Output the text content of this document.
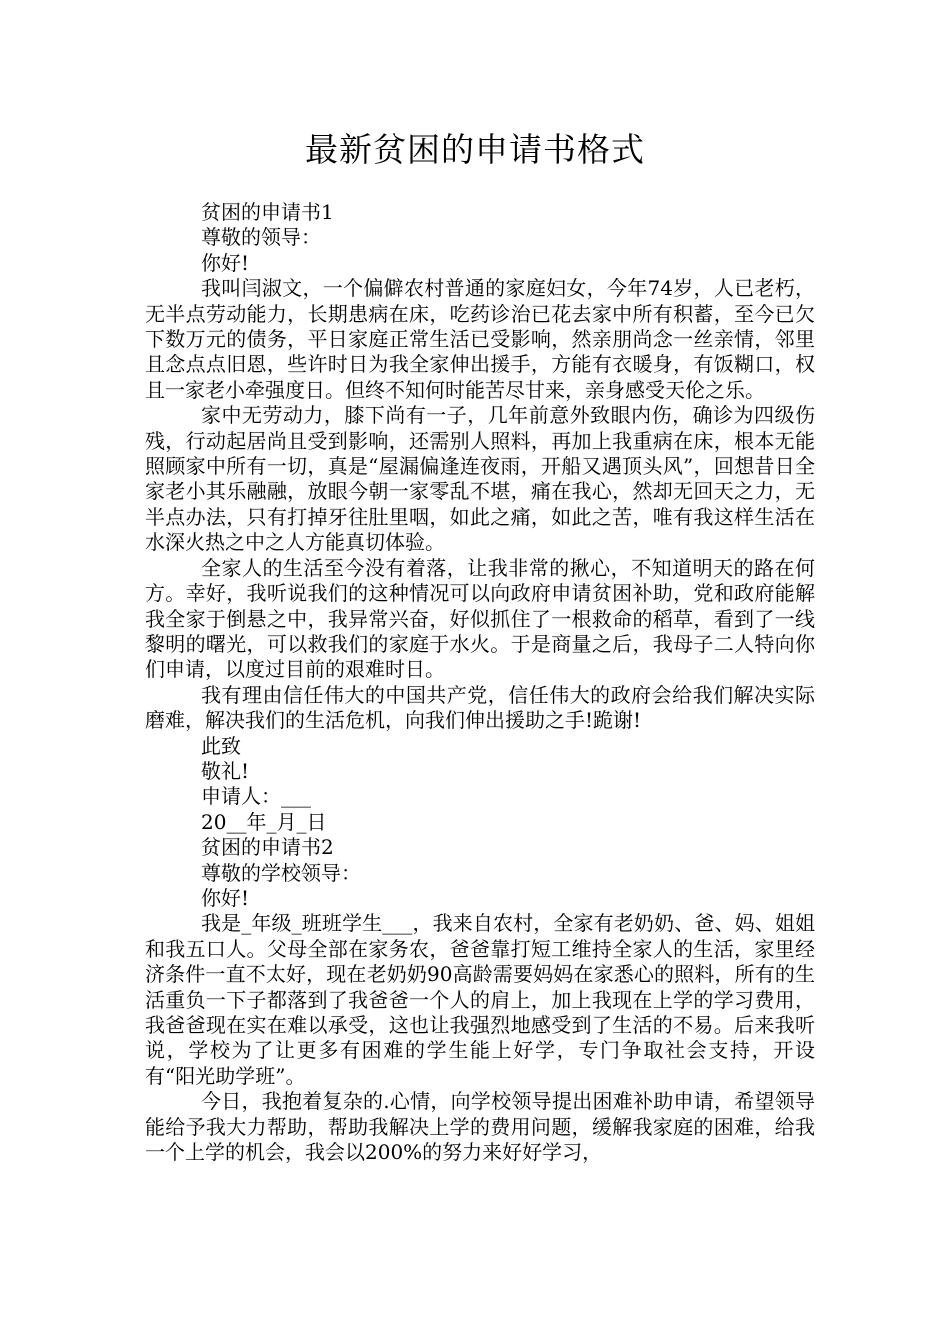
最新贫困的申请书格式

贫困的申请书1

尊敬的领导：

你好!

我叫闫淑文，一个偏僻农村普通的家庭妇女，今年74岁，人已老朽，无半点劳动能力，长期患病在床，吃药诊治已花去家中所有积蓄，至今已欠下数万元的债务，平日家庭正常生活已受影响，然亲朋尚念一丝亲情，邻里且念点点旧恩，些许时日为我全家伸出援手，方能有衣暖身，有饭糊口，权且一家老小牵强度日。但终不知何时能苦尽甘来，亲身感受天伦之乐。

家中无劳动力，膝下尚有一子，几年前意外致眼内伤，确诊为四级伤残，行动起居尚且受到影响，还需别人照料，再加上我重病在床，根本无能照顾家中所有一切，真是“屋漏偏逢连夜雨，开船又遇顶头风”，回想昔日全家老小其乐融融，放眼今朝一家零乱不堪，痛在我心，然却无回天之力，无半点办法，只有打掉牙往肚里咽，如此之痛，如此之苦，唯有我这样生活在水深火热之中之人方能真切体验。

全家人的生活至今没有着落，让我非常的揪心，不知道明天的路在何方。幸好，我听说我们的这种情况可以向政府申请贫困补助，党和政府能解我全家于倒悬之中，我异常兴奋，好似抓住了一根救命的稻草，看到了一线黎明的曙光，可以救我们的家庭于水火。于是商量之后，我母子二人特向你们申请，以度过目前的艰难时日。

我有理由信任伟大的中国共产党，信任伟大的政府会给我们解决实际磨难，解决我们的生活危机，向我们伸出援助之手!跪谢!

此致

敬礼!

申请人：___

20__年_月_日

贫困的申请书2

尊敬的学校领导：

你好!

我是_年级_班班学生___，我来自农村，全家有老奶奶、爸、妈、姐姐和我五口人。父母全部在家务农，爸爸靠打短工维持全家人的生活，家里经济条件一直不太好，现在老奶奶90高龄需要妈妈在家悉心的照料，所有的生活重负一下子都落到了我爸爸一个人的肩上，加上我现在上学的学习费用，我爸爸现在实在难以承受，这也让我强烈地感受到了生活的不易。后来我听说，学校为了让更多有困难的学生能上好学，专门争取社会支持，开设有“阳光助学班”。

今日，我抱着复杂的.心情，向学校领导提出困难补助申请，希望领导能给予我大力帮助，帮助我解决上学的费用问题，缓解我家庭的困难，给我一个上学的机会，我会以200%的努力来好好学习，
